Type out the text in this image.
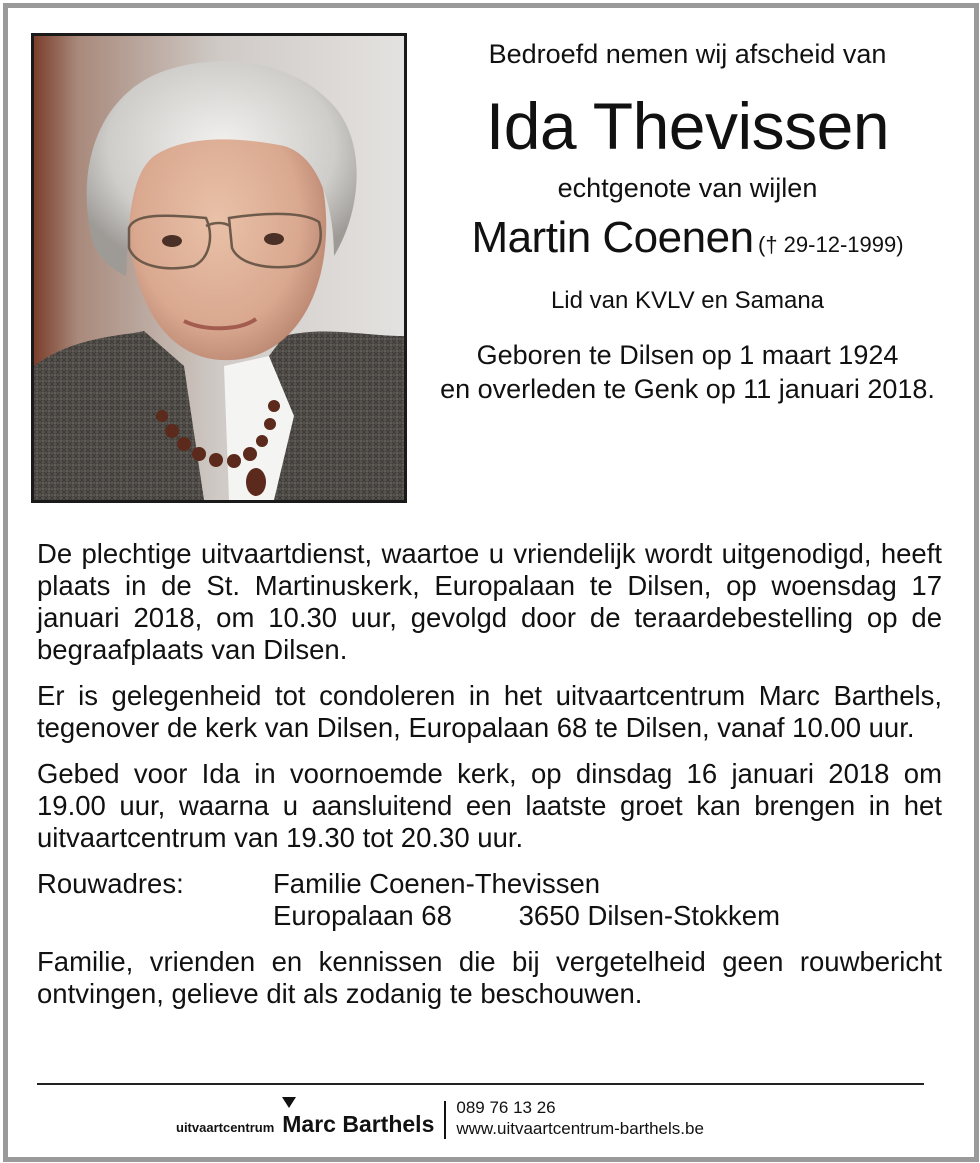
Bedroefd nemen wij afscheid van
Ida Thevissen
echtgenote van wijlen
Martin Coenen († 29-12-1999)
Lid van KVLV en Samana
Geboren te Dilsen op 1 maart 1924
en overleden te Genk op 11 januari 2018.

De plechtige uitvaartdienst, waartoe u vriendelijk wordt uitgenodigd, heeft plaats in de St. Martinuskerk, Europalaan te Dilsen, op woensdag 17 januari 2018, om 10.30 uur, gevolgd door de teraardebestelling op de begraafplaats van Dilsen.

Er is gelegenheid tot condoleren in het uitvaartcentrum Marc Barthels, tegenover de kerk van Dilsen, Europalaan 68 te Dilsen, vanaf 10.00 uur.

Gebed voor Ida in voornoemde kerk, op dinsdag 16 januari 2018 om 19.00 uur, waarna u aansluitend een laatste groet kan brengen in het uitvaartcentrum van 19.30 tot 20.30 uur.

Rouwadres:	Familie Coenen-Thevissen
Europalaan 68 3650 Dilsen-Stokkem

Familie, vrienden en kennissen die bij vergetelheid geen rouwbericht ontvingen, gelieve dit als zodanig te beschouwen.

uitvaartcentrum Marc Barthels
089 76 13 26
www.uitvaartcentrum-barthels.be
